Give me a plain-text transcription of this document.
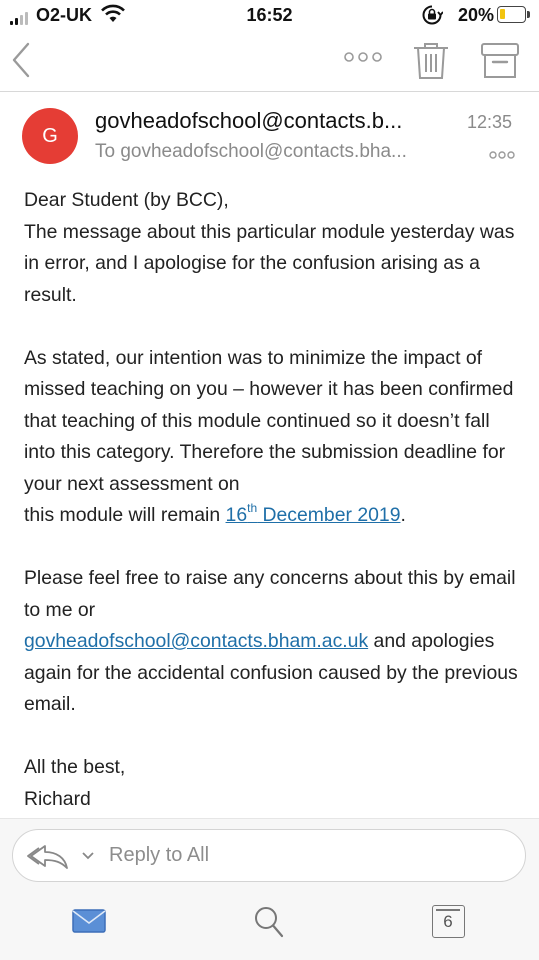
O2-UK	16:52	20%
G
govheadofschool@contacts.b...	12:35
To govheadofschool@contacts.bha...

Dear Student (by BCC),

The message about this particular module yesterday was in error, and I apologise for the confusion arising as a result.

As stated, our intention was to minimize the impact of missed teaching on you – however it has been confirmed that teaching of this module continued so it doesn’t fall into this category. Therefore the submission deadline for your next assessment on

this module will remain 16th December 2019.

Please feel free to raise any concerns about this by email to me or
govheadofschool@contacts.bham.ac.uk and apologies again for the accidental confusion caused by the previous email.

All the best,

Richard

Reply to All
6
